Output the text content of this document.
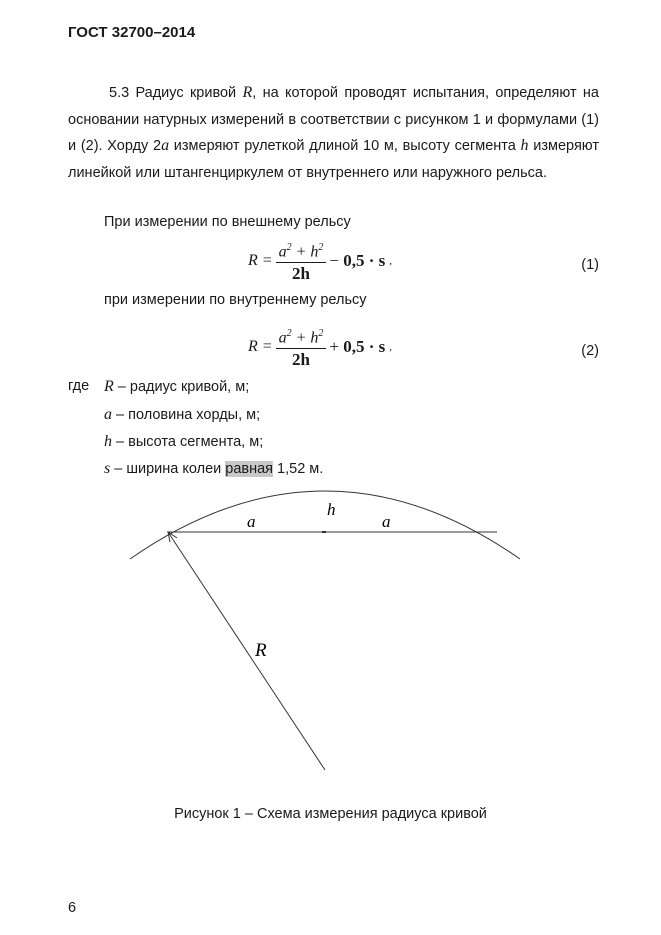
ГОСТ 32700–2014
5.3 Радиус кривой R, на которой проводят испытания, определяют на основании натурных измерений в соответствии с рисунком 1 и формулами (1) и (2). Хорду 2a измеряют рулеткой длиной 10 м, высоту сегмента h измеряют линейкой или штангенциркулем от внутреннего или наружного рельса.
При измерении по внешнему рельсу
$R = \frac{a^2 + h^2}{2h}$ −
0,5 · s ,	(1)
при измерении по внутреннему рельсу
$R = \frac{a^2 + h^2}{2h}$ +
0,5 · s ,	(2)
где R – радиус кривой, м;
a – половина хорды, м;
h – высота сегмента, м;
s – ширина колеи равная 1,52 м.
a
h
a
R
Рисунок 1 – Схема измерения радиуса кривой
6
